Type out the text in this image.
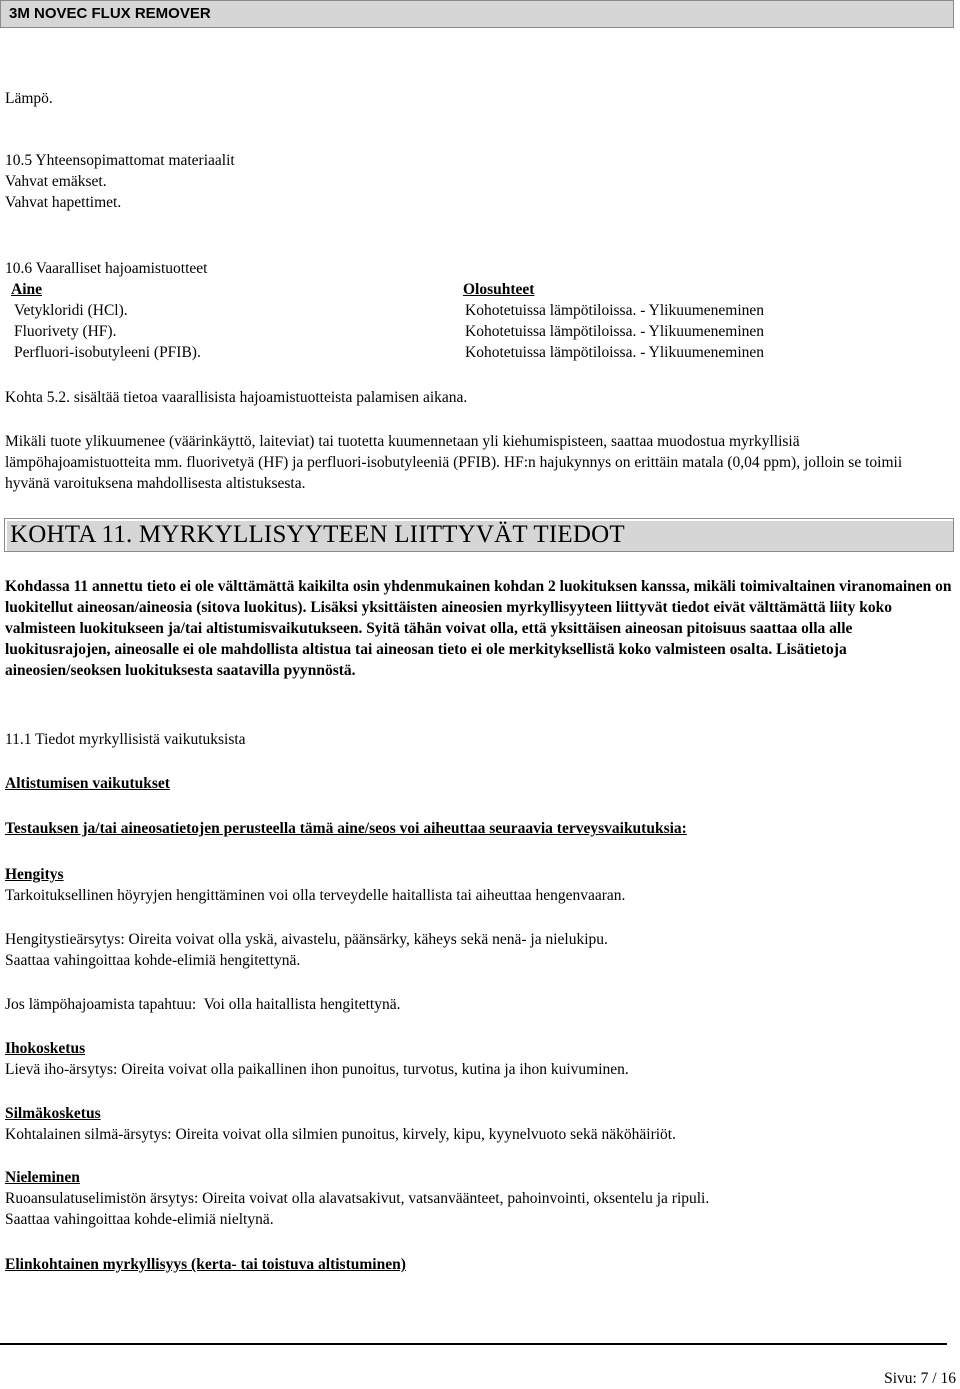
3M NOVEC FLUX REMOVER
Lämpö.
10.5 Yhteensopimattomat materiaalit
Vahvat emäkset.
Vahvat hapettimet.
10.6 Vaaralliset hajoamistuotteet
Aine	Olosuhteet
Vetykloridi (HCl).	Kohotetuissa lämpötiloissa. - Ylikuumeneminen
Fluorivety (HF).	Kohotetuissa lämpötiloissa. - Ylikuumeneminen
Perfluori-isobutyleeni (PFIB).	Kohotetuissa lämpötiloissa. - Ylikuumeneminen
Kohta 5.2. sisältää tietoa vaarallisista hajoamistuotteista palamisen aikana.
Mikäli tuote ylikuumenee (väärinkäyttö, laiteviat) tai tuotetta kuumennetaan yli kiehumispisteen, saattaa muodostua myrkyllisiä lämpöhajoamistuotteita mm. fluorivetyä (HF) ja perfluori-isobutyleeniä (PFIB). HF:n hajukynnys on erittäin matala (0,04 ppm), jolloin se toimii hyvänä varoituksena mahdollisesta altistuksesta.
KOHTA 11. MYRKYLLISYYTEEN LIITTYVÄT TIEDOT
Kohdassa 11 annettu tieto ei ole välttämättä kaikilta osin yhdenmukainen kohdan 2 luokituksen kanssa, mikäli toimivaltainen viranomainen on luokitellut aineosan/aineosia (sitova luokitus). Lisäksi yksittäisten aineosien myrkyllisyyteen liittyvät tiedot eivät välttämättä liity koko valmisteen luokitukseen ja/tai altistumisvaikutukseen. Syitä tähän voivat olla, että yksittäisen aineosan pitoisuus saattaa olla alle luokitusrajojen, aineosalle ei ole mahdollista altistua tai aineosan tieto ei ole merkityksellistä koko valmisteen osalta. Lisätietoja aineosien/seoksen luokituksesta saatavilla pyynnöstä.
11.1 Tiedot myrkyllisistä vaikutuksista
Altistumisen vaikutukset
Testauksen ja/tai aineosatietojen perusteella tämä aine/seos voi aiheuttaa seuraavia terveysvaikutuksia:
Hengitys
Tarkoituksellinen höyryjen hengittäminen voi olla terveydelle haitallista tai aiheuttaa hengenvaaran.
Hengitystieärsytys: Oireita voivat olla yskä, aivastelu, päänsärky, käheys sekä nenä- ja nielukipu.
Saattaa vahingoittaa kohde-elimiä hengitettynä.
Jos lämpöhajoamista tapahtuu:  Voi olla haitallista hengitettynä.
Ihokosketus
Lievä iho-ärsytys: Oireita voivat olla paikallinen ihon punoitus, turvotus, kutina ja ihon kuivuminen.
Silmäkosketus
Kohtalainen silmä-ärsytys: Oireita voivat olla silmien punoitus, kirvely, kipu, kyynelvuoto sekä näköhäiriöt.
Nieleminen
Ruoansulatuselimistön ärsytys: Oireita voivat olla alavatsakivut, vatsanväänteet, pahoinvointi, oksentelu ja ripuli.
Saattaa vahingoittaa kohde-elimiä nieltynä.
Elinkohtainen myrkyllisyys (kerta- tai toistuva altistuminen)
Sivu: 7 / 16
